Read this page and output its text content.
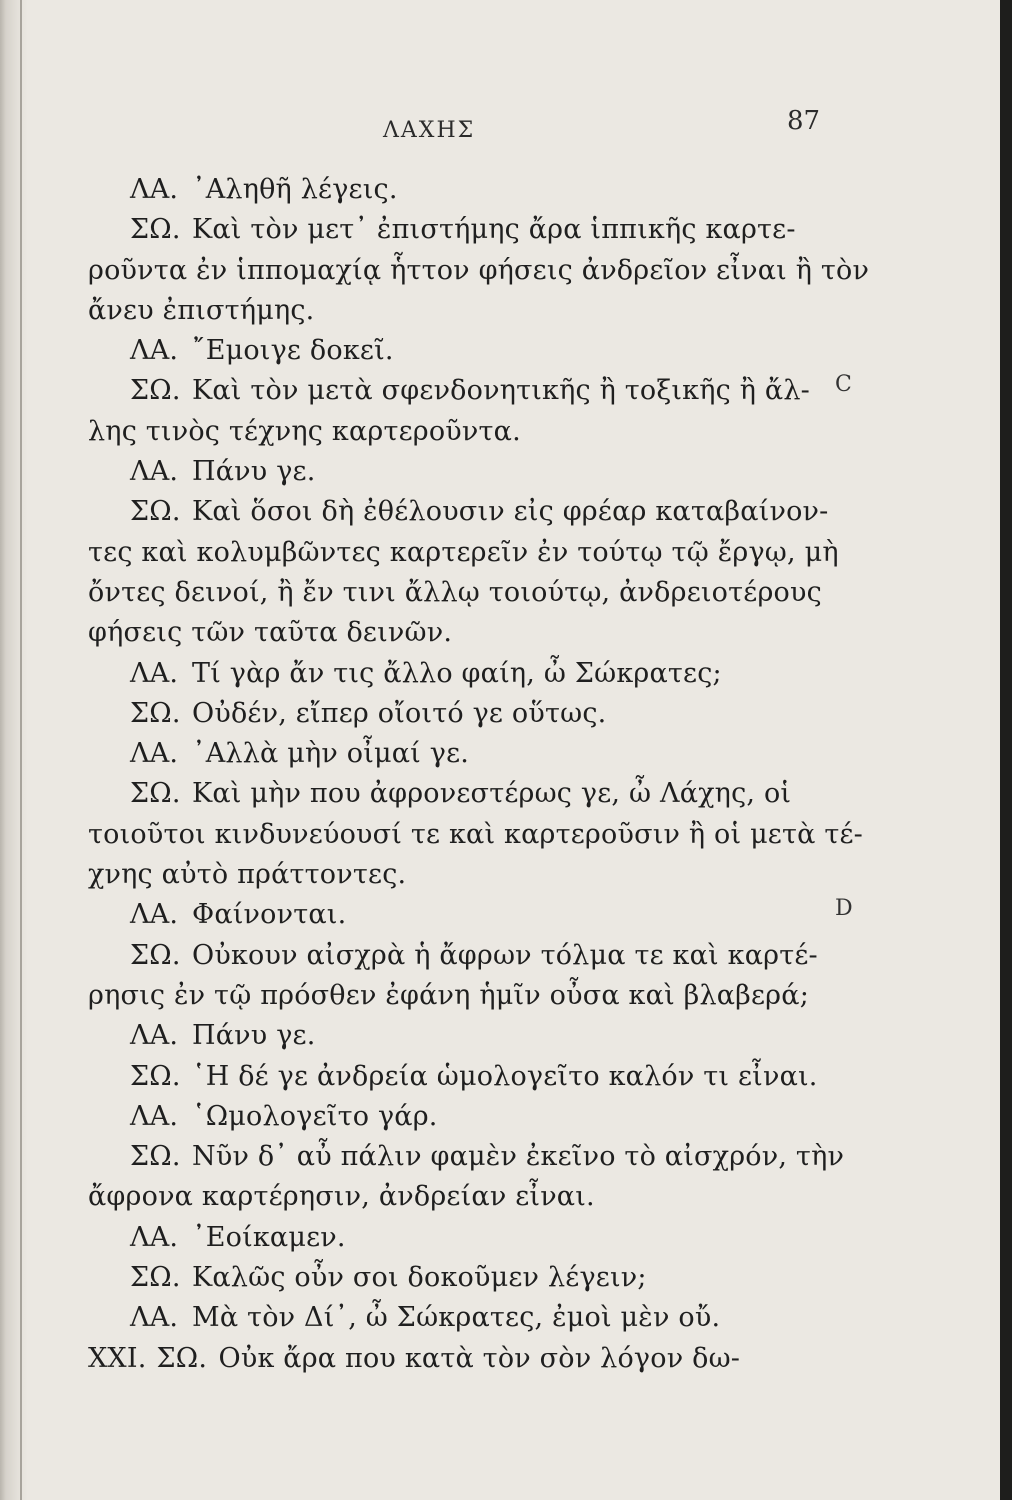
ΛΑΧΗΣ	87
C
D
ΛΑ. ᾿Αληθῆ λέγεις.
ΣΩ. Καὶ τὸν μετ᾿ ἐπιστήμης ἄρα ἱππικῆς καρτε-
ροῦντα ἐν ἱππομαχίᾳ ἧττον φήσεις ἀνδρεῖον εἶναι ἢ τὸν
ἄνευ ἐπιστήμης.
ΛΑ. ῎Εμοιγε δοκεῖ.
ΣΩ. Καὶ τὸν μετὰ σφενδονητικῆς ἢ τοξικῆς ἢ ἄλ-
λης τινὸς τέχνης καρτεροῦντα.
ΛΑ. Πάνυ γε.
ΣΩ. Καὶ ὅσοι δὴ ἐθέλουσιν εἰς φρέαρ καταβαίνον-
τες καὶ κολυμβῶντες καρτερεῖν ἐν τούτῳ τῷ ἔργῳ, μὴ
ὄντες δεινοί, ἢ ἔν τινι ἄλλῳ τοιούτῳ, ἀνδρειοτέρους
φήσεις τῶν ταῦτα δεινῶν.
ΛΑ. Τί γὰρ ἄν τις ἄλλο φαίη, ὦ Σώκρατες;
ΣΩ. Οὐδέν, εἴπερ οἴοιτό γε οὕτως.
ΛΑ. ᾿Αλλὰ μὴν οἶμαί γε.
ΣΩ. Καὶ μὴν που ἀφρονεστέρως γε, ὦ Λάχης, οἱ
τοιοῦτοι κινδυνεύουσί τε καὶ καρτεροῦσιν ἢ οἱ μετὰ τέ-
χνης αὐτὸ πράττοντες.
ΛΑ. Φαίνονται.
ΣΩ. Οὐκουν αἰσχρὰ ἡ ἄφρων τόλμα τε καὶ καρτέ-
ρησις ἐν τῷ πρόσθεν ἐφάνη ἡμῖν οὖσα καὶ βλαβερά;
ΛΑ. Πάνυ γε.
ΣΩ. ῾Η δέ γε ἀνδρεία ὡμολογεῖτο καλόν τι εἶναι.
ΛΑ. ῾Ωμολογεῖτο γάρ.
ΣΩ. Νῦν δ᾿ αὖ πάλιν φαμὲν ἐκεῖνο τὸ αἰσχρόν, τὴν
ἄφρονα καρτέρησιν, ἀνδρείαν εἶναι.
ΛΑ. ᾿Εοίκαμεν.
ΣΩ. Καλῶς οὖν σοι δοκοῦμεν λέγειν;
ΛΑ. Μὰ τὸν Δί᾿, ὦ Σώκρατες, ἐμοὶ μὲν οὔ.
XXI. ΣΩ. Οὐκ ἄρα που κατὰ τὸν σὸν λόγον δω-
